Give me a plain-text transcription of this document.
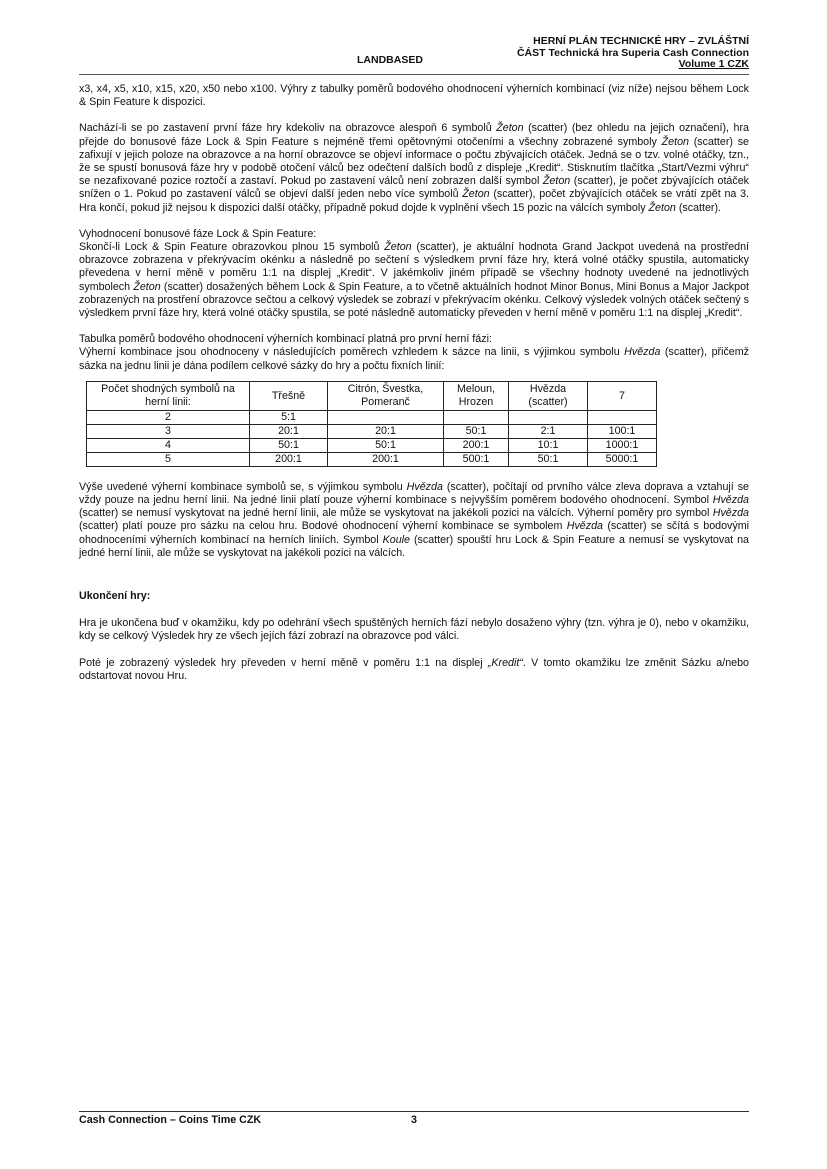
LANDBASED
HERNÍ PLÁN TECHNICKÉ HRY – ZVLÁŠTNÍ
ČÁST Technická hra Superia Cash Connection
Volume 1 CZK

x3, x4, x5, x10, x15, x20, x50 nebo x100. Výhry z tabulky poměrů bodového ohodnocení výherních kombinací (viz níže) nejsou během Lock & Spin Feature k dispozici.

Nachází-li se po zastavení první fáze hry kdekoliv na obrazovce alespoň 6 symbolů Žeton (scatter) (bez ohledu na jejich označení), hra přejde do bonusové fáze Lock & Spin Feature s nejméně třemi opětovnými otočeními a všechny zobrazené symboly Žeton (scatter) se zafixují v jejich poloze na obrazovce a na horní obrazovce se objeví informace o počtu zbývajících otáček. Jedná se o tzv. volné otáčky, tzn., že se spustí bonusová fáze hry v podobě otočení válců bez odečtení dalších bodů z displeje „Kredit“. Stisknutím tlačítka „Start/Vezmi výhru“ se nezafixované pozice roztočí a zastaví. Pokud po zastavení válců není zobrazen další symbol Žeton (scatter), je počet zbývajících otáček snížen o 1. Pokud po zastavení válců se objeví další jeden nebo více symbolů Žeton (scatter), počet zbývajících otáček se vrátí zpět na 3. Hra končí, pokud již nejsou k dispozici další otáčky, případně pokud dojde k vyplnění všech 15 pozic na válcích symboly Žeton (scatter).

Vyhodnocení bonusové fáze Lock & Spin Feature:

Skončí-li Lock & Spin Feature obrazovkou plnou 15 symbolů Žeton (scatter), je aktuální hodnota Grand Jackpot uvedená na prostřední obrazovce zobrazena v překrývacím okénku a následně po sečtení s výsledkem první fáze hry, která volné otáčky spustila, automaticky převedena v herní měně v poměru 1:1 na displej „Kredit“. V jakémkoliv jiném případě se všechny hodnoty uvedené na jednotlivých symbolech Žeton (scatter) dosažených během Lock & Spin Feature, a to včetně aktuálních hodnot Minor Bonus, Mini Bonus a Major Jackpot zobrazených na prostření obrazovce sečtou a celkový výsledek se zobrazí v překrývacím okénku. Celkový výsledek volných otáček sečtený s výsledkem první fáze hry, která volné otáčky spustila, se poté následně automaticky převeden v herní měně v poměru 1:1 na displej „Kredit“.

Tabulka poměrů bodového ohodnocení výherních kombinací platná pro první herní fázi:

Výherní kombinace jsou ohodnoceny v následujících poměrech vzhledem k sázce na linii, s výjimkou symbolu Hvězda (scatter), přičemž sázka na jednu linii je dána podílem celkové sázky do hry a počtu fixních linií:

Počet shodných symbolů na herní linii:	Třešně	Citrón, Švestka, Pomeranč	Meloun, Hrozen	Hvězda (scatter)	7
2	5:1				
3	20:1	20:1	50:1	2:1	100:1
4	50:1	50:1	200:1	10:1	1000:1
5	200:1	200:1	500:1	50:1	5000:1

Výše uvedené výherní kombinace symbolů se, s výjimkou symbolu Hvězda (scatter), počítají od prvního válce zleva doprava a vztahují se vždy pouze na jednu herní linii. Na jedné linii platí pouze výherní kombinace s nejvyšším poměrem bodového ohodnocení. Symbol Hvězda (scatter) se nemusí vyskytovat na jedné herní linii, ale může se vyskytovat na jakékoli pozici na válcích. Výherní poměry pro symbol Hvězda (scatter) platí pouze pro sázku na celou hru. Bodové ohodnocení výherní kombinace se symbolem Hvězda (scatter) se sčítá s bodovými ohodnoceními výherních kombinací na herních liniích. Symbol Koule (scatter) spouští hru Lock & Spin Feature a nemusí se vyskytovat na jedné herní linii, ale může se vyskytovat na jakékoli pozici na válcích.

Ukončení hry:

Hra je ukončena buď v okamžiku, kdy po odehrání všech spuštěných herních fází nebylo dosaženo výhry (tzn. výhra je 0), nebo v okamžiku, kdy se celkový Výsledek hry ze všech jejích fází zobrazí na obrazovce pod válci.

Poté je zobrazený výsledek hry převeden v herní měně v poměru 1:1 na displej „Kredit“. V tomto okamžiku lze změnit Sázku a/nebo odstartovat novou Hru.

Cash Connection – Coins Time CZK	3
